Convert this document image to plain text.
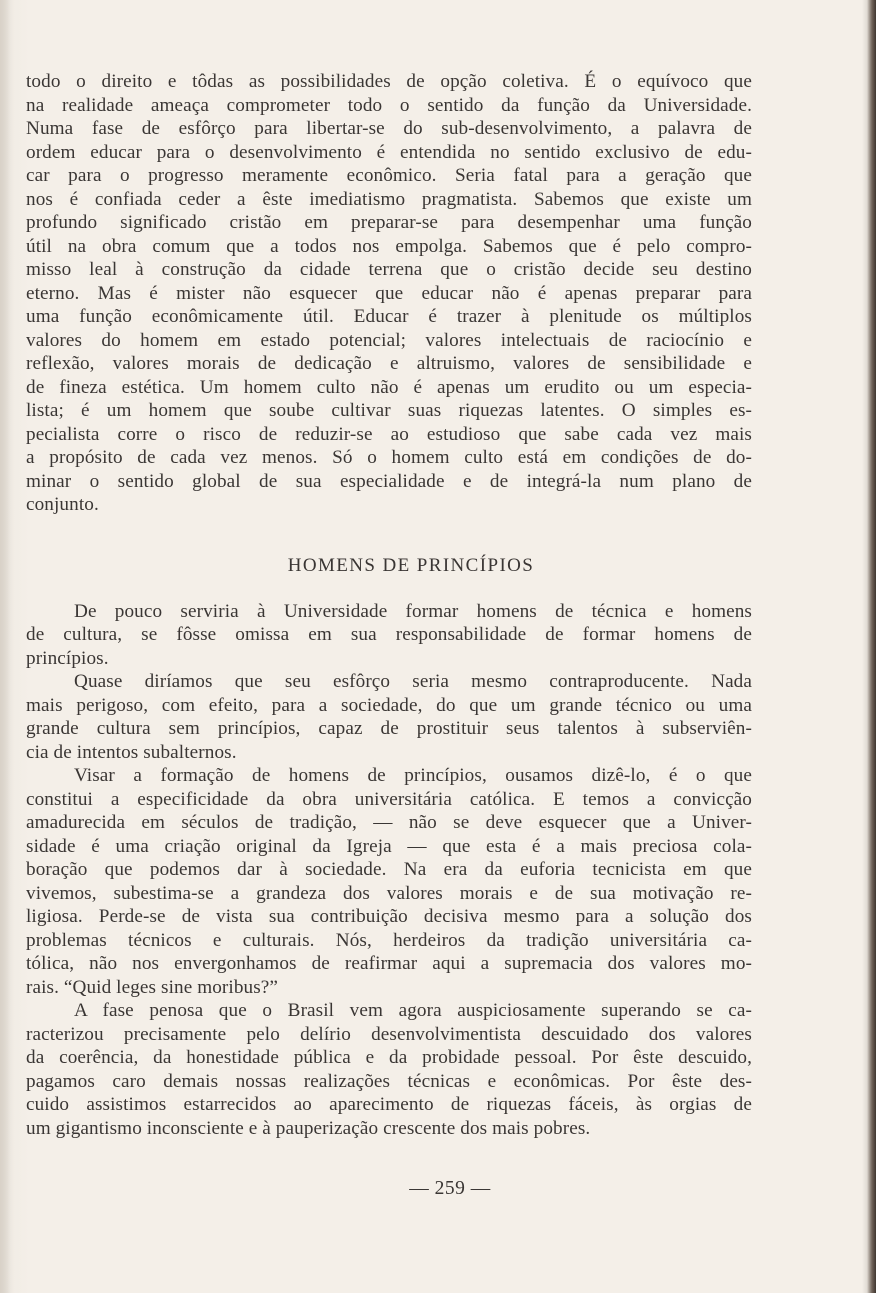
todo o direito e tôdas as possibilidades de opção coletiva. É o equívoco que
na realidade ameaça comprometer todo o sentido da função da Universidade.
Numa fase de esfôrço para libertar-se do sub-desenvolvimento, a palavra de
ordem educar para o desenvolvimento é entendida no sentido exclusivo de edu-
car para o progresso meramente econômico. Seria fatal para a geração que
nos é confiada ceder a êste imediatismo pragmatista. Sabemos que existe um
profundo significado cristão em preparar-se para desempenhar uma função
útil na obra comum que a todos nos empolga. Sabemos que é pelo compro-
misso leal à construção da cidade terrena que o cristão decide seu destino
eterno. Mas é mister não esquecer que educar não é apenas preparar para
uma função econômicamente útil. Educar é trazer à plenitude os múltiplos
valores do homem em estado potencial; valores intelectuais de raciocínio e
reflexão, valores morais de dedicação e altruismo, valores de sensibilidade e
de fineza estética. Um homem culto não é apenas um erudito ou um especia-
lista; é um homem que soube cultivar suas riquezas latentes. O simples es-
pecialista corre o risco de reduzir-se ao estudioso que sabe cada vez mais
a propósito de cada vez menos. Só o homem culto está em condições de do-
minar o sentido global de sua especialidade e de integrá-la num plano de
conjunto.
HOMENS DE PRINCÍPIOS
De pouco serviria à Universidade formar homens de técnica e homens
de cultura, se fôsse omissa em sua responsabilidade de formar homens de
princípios.
Quase diríamos que seu esfôrço seria mesmo contraproducente. Nada
mais perigoso, com efeito, para a sociedade, do que um grande técnico ou uma
grande cultura sem princípios, capaz de prostituir seus talentos à subserviên-
cia de intentos subalternos.
Visar a formação de homens de princípios, ousamos dizê-lo, é o que
constitui a especificidade da obra universitária católica. E temos a convicção
amadurecida em séculos de tradição, — não se deve esquecer que a Univer-
sidade é uma criação original da Igreja — que esta é a mais preciosa cola-
boração que podemos dar à sociedade. Na era da euforia tecnicista em que
vivemos, subestima-se a grandeza dos valores morais e de sua motivação re-
ligiosa. Perde-se de vista sua contribuição decisiva mesmo para a solução dos
problemas técnicos e culturais. Nós, herdeiros da tradição universitária ca-
tólica, não nos envergonhamos de reafirmar aqui a supremacia dos valores mo-
rais. “Quid leges sine moribus?”
A fase penosa que o Brasil vem agora auspiciosamente superando se ca-
racterizou precisamente pelo delírio desenvolvimentista descuidado dos valores
da coerência, da honestidade pública e da probidade pessoal. Por êste descuido,
pagamos caro demais nossas realizações técnicas e econômicas. Por êste des-
cuido assistimos estarrecidos ao aparecimento de riquezas fáceis, às orgias de
um gigantismo inconsciente e à pauperização crescente dos mais pobres.
— 259 —
